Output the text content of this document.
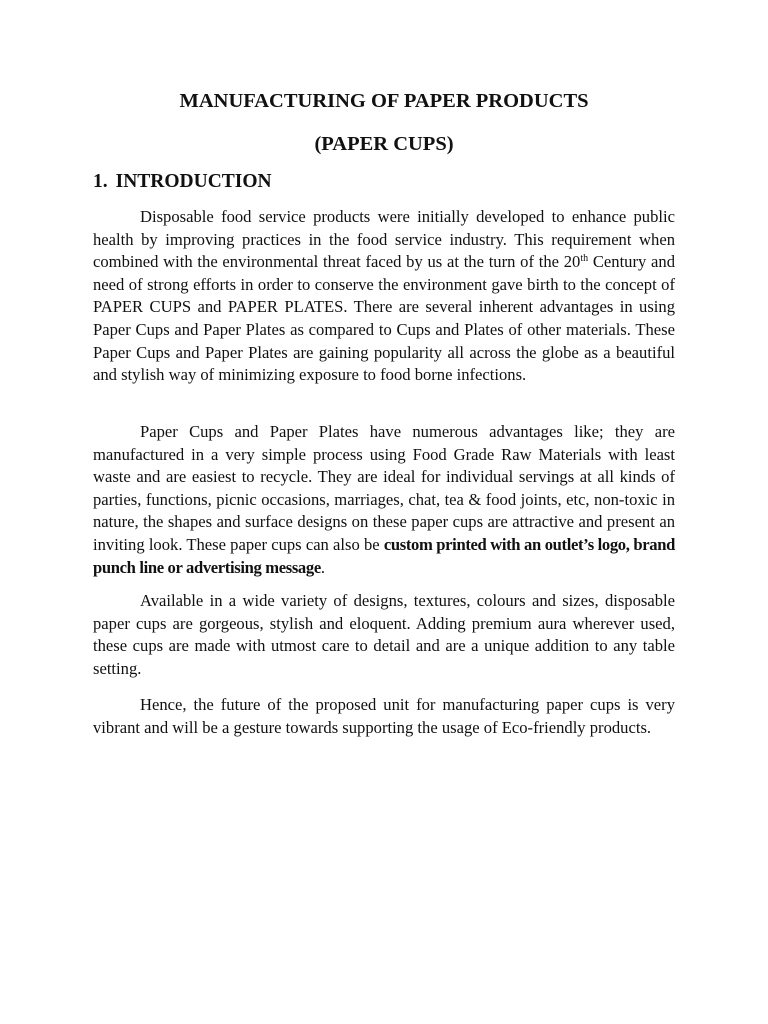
MANUFACTURING OF PAPER PRODUCTS
(PAPER CUPS)
1. INTRODUCTION

Disposable food service products were initially developed to enhance public health by improving practices in the food service industry. This requirement when combined with the environmental threat faced by us at the turn of the 20th Century and need of strong efforts in order to conserve the environment gave birth to the concept of PAPER CUPS and PAPER PLATES. There are several inherent advantages in using Paper Cups and Paper Plates as compared to Cups and Plates of other materials. These Paper Cups and Paper Plates are gaining popularity all across the globe as a beautiful and stylish way of minimizing exposure to food borne infections.

Paper Cups and Paper Plates have numerous advantages like; they are manufactured in a very simple process using Food Grade Raw Materials with least waste and are easiest to recycle. They are ideal for individual servings at all kinds of parties, functions, picnic occasions, marriages, chat, tea & food joints, etc, non-toxic in nature, the shapes and surface designs on these paper cups are attractive and present an inviting look. These paper cups can also be custom printed with an outlet’s logo, brand punch line or advertising message.

Available in a wide variety of designs, textures, colours and sizes, disposable paper cups are gorgeous, stylish and eloquent. Adding premium aura wherever used, these cups are made with utmost care to detail and are a unique addition to any table setting.

Hence, the future of the proposed unit for manufacturing paper cups is very vibrant and will be a gesture towards supporting the usage of Eco-friendly products.
